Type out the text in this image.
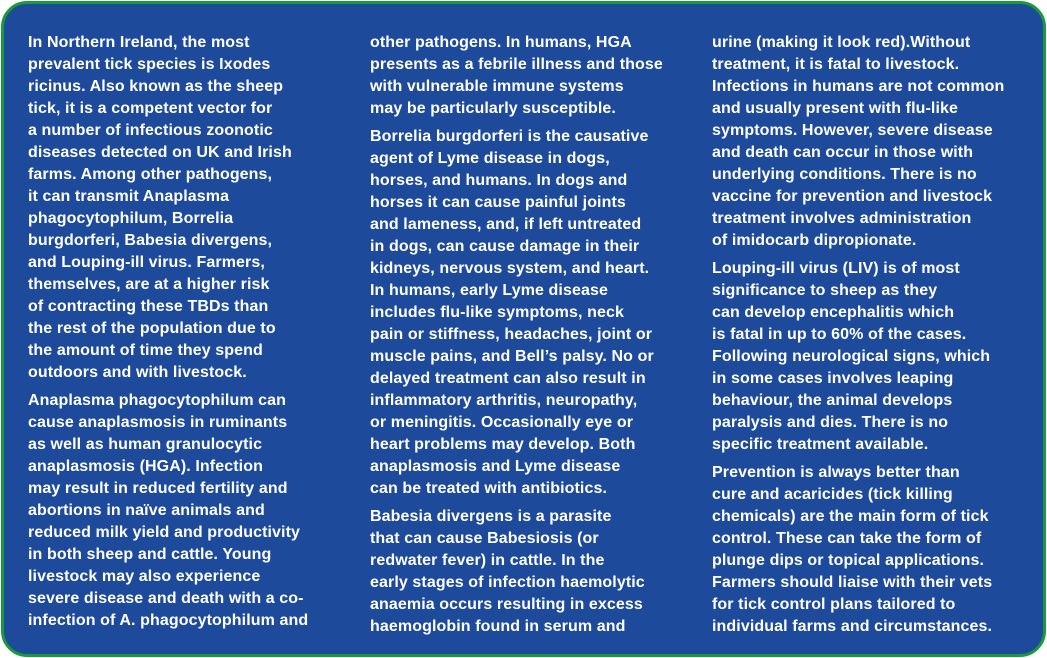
In Northern Ireland, the most
prevalent tick species is Ixodes
ricinus. Also known as the sheep
tick, it is a competent vector for
a number of infectious zoonotic
diseases detected on UK and Irish
farms. Among other pathogens,
it can transmit Anaplasma
phagocytophilum, Borrelia
burgdorferi, Babesia divergens,
and Louping-ill virus. Farmers,
themselves, are at a higher risk
of contracting these TBDs than
the rest of the population due to
the amount of time they spend
outdoors and with livestock.

Anaplasma phagocytophilum can
cause anaplasmosis in ruminants
as well as human granulocytic
anaplasmosis (HGA). Infection
may result in reduced fertility and
abortions in naïve animals and
reduced milk yield and productivity
in both sheep and cattle. Young
livestock may also experience
severe disease and death with a co-
infection of A. phagocytophilum and

other pathogens. In humans, HGA
presents as a febrile illness and those
with vulnerable immune systems
may be particularly susceptible.

Borrelia burgdorferi is the causative
agent of Lyme disease in dogs,
horses, and humans. In dogs and
horses it can cause painful joints
and lameness, and, if left untreated
in dogs, can cause damage in their
kidneys, nervous system, and heart.
In humans, early Lyme disease
includes flu-like symptoms, neck
pain or stiffness, headaches, joint or
muscle pains, and Bell’s palsy. No or
delayed treatment can also result in
inflammatory arthritis, neuropathy,
or meningitis. Occasionally eye or
heart problems may develop. Both
anaplasmosis and Lyme disease
can be treated with antibiotics.

Babesia divergens is a parasite
that can cause Babesiosis (or
redwater fever) in cattle. In the
early stages of infection haemolytic
anaemia occurs resulting in excess
haemoglobin found in serum and

urine (making it look red).Without
treatment, it is fatal to livestock.
Infections in humans are not common
and usually present with flu-like
symptoms. However, severe disease
and death can occur in those with
underlying conditions. There is no
vaccine for prevention and livestock
treatment involves administration
of imidocarb dipropionate.

Louping-ill virus (LIV) is of most
significance to sheep as they
can develop encephalitis which
is fatal in up to 60% of the cases.
Following neurological signs, which
in some cases involves leaping
behaviour, the animal develops
paralysis and dies. There is no
specific treatment available.

Prevention is always better than
cure and acaricides (tick killing
chemicals) are the main form of tick
control. These can take the form of
plunge dips or topical applications.
Farmers should liaise with their vets
for tick control plans tailored to
individual farms and circumstances.
